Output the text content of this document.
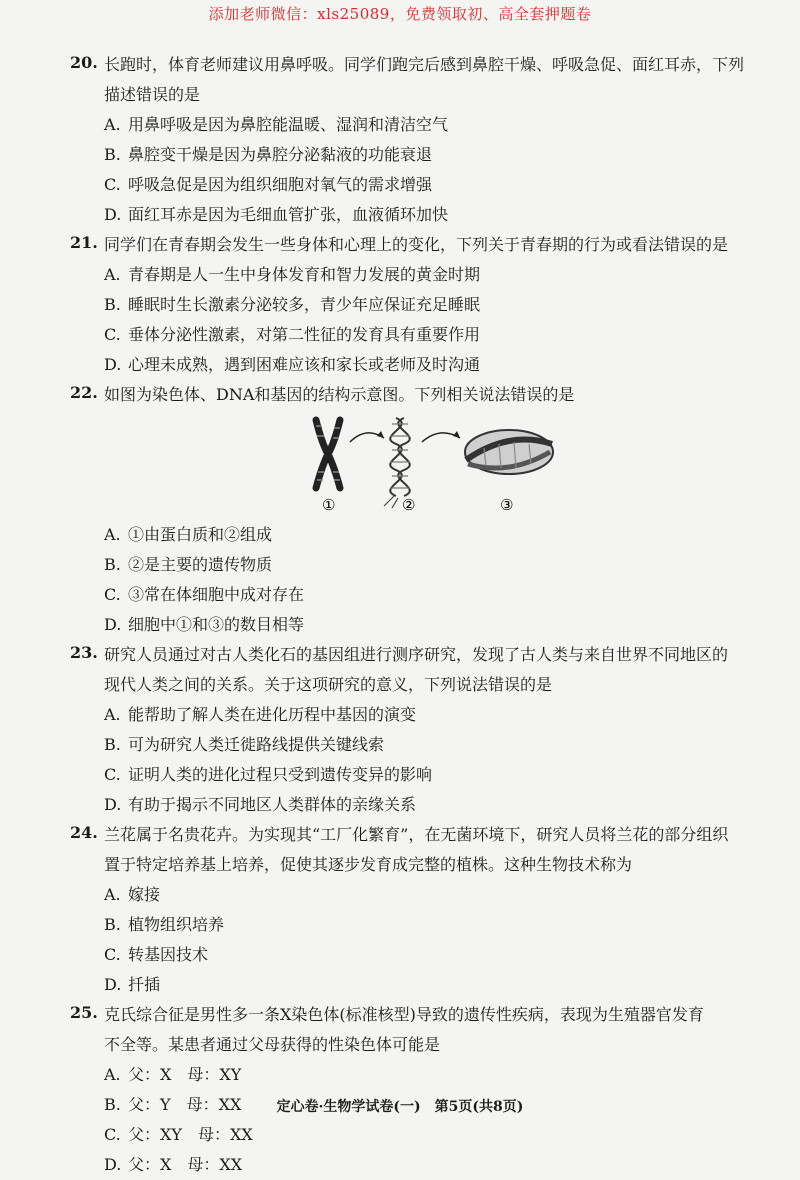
添加老师微信：xls25089，免费领取初、高全套押题卷
20. 长跑时，体育老师建议用鼻呼吸。同学们跑完后感到鼻腔干燥、呼吸急促、面红耳赤，下列
描述错误的是
A. 用鼻呼吸是因为鼻腔能温暖、湿润和清洁空气
B. 鼻腔变干燥是因为鼻腔分泌黏液的功能衰退
C. 呼吸急促是因为组织细胞对氧气的需求增强
D. 面红耳赤是因为毛细血管扩张，血液循环加快
21. 同学们在青春期会发生一些身体和心理上的变化，下列关于青春期的行为或看法错误的是
A. 青春期是人一生中身体发育和智力发展的黄金时期
B. 睡眠时生长激素分泌较多，青少年应保证充足睡眠
C. 垂体分泌性激素，对第二性征的发育具有重要作用
D. 心理未成熟，遇到困难应该和家长或老师及时沟通
22. 如图为染色体、DNA和基因的结构示意图。下列相关说法错误的是
①	②	③
A. ①由蛋白质和②组成
B. ②是主要的遗传物质
C. ③常在体细胞中成对存在
D. 细胞中①和③的数目相等
23. 研究人员通过对古人类化石的基因组进行测序研究，发现了古人类与来自世界不同地区的
现代人类之间的关系。关于这项研究的意义，下列说法错误的是
A. 能帮助了解人类在进化历程中基因的演变
B. 可为研究人类迁徙路线提供关键线索
C. 证明人类的进化过程只受到遗传变异的影响
D. 有助于揭示不同地区人类群体的亲缘关系
24. 兰花属于名贵花卉。为实现其“工厂化繁育”，在无菌环境下，研究人员将兰花的部分组织
置于特定培养基上培养，促使其逐步发育成完整的植株。这种生物技术称为
A. 嫁接
B. 植物组织培养
C. 转基因技术
D. 扦插
25. 克氏综合征是男性多一条X染色体(标准核型)导致的遗传性疾病，表现为生殖器官发育
不全等。某患者通过父母获得的性染色体可能是
A. 父：X　母：XY
B. 父：Y　母：XX
C. 父：XY　母：XX
D. 父：X　母：XX
定心卷·生物学试卷(一)　第5页(共8页)
